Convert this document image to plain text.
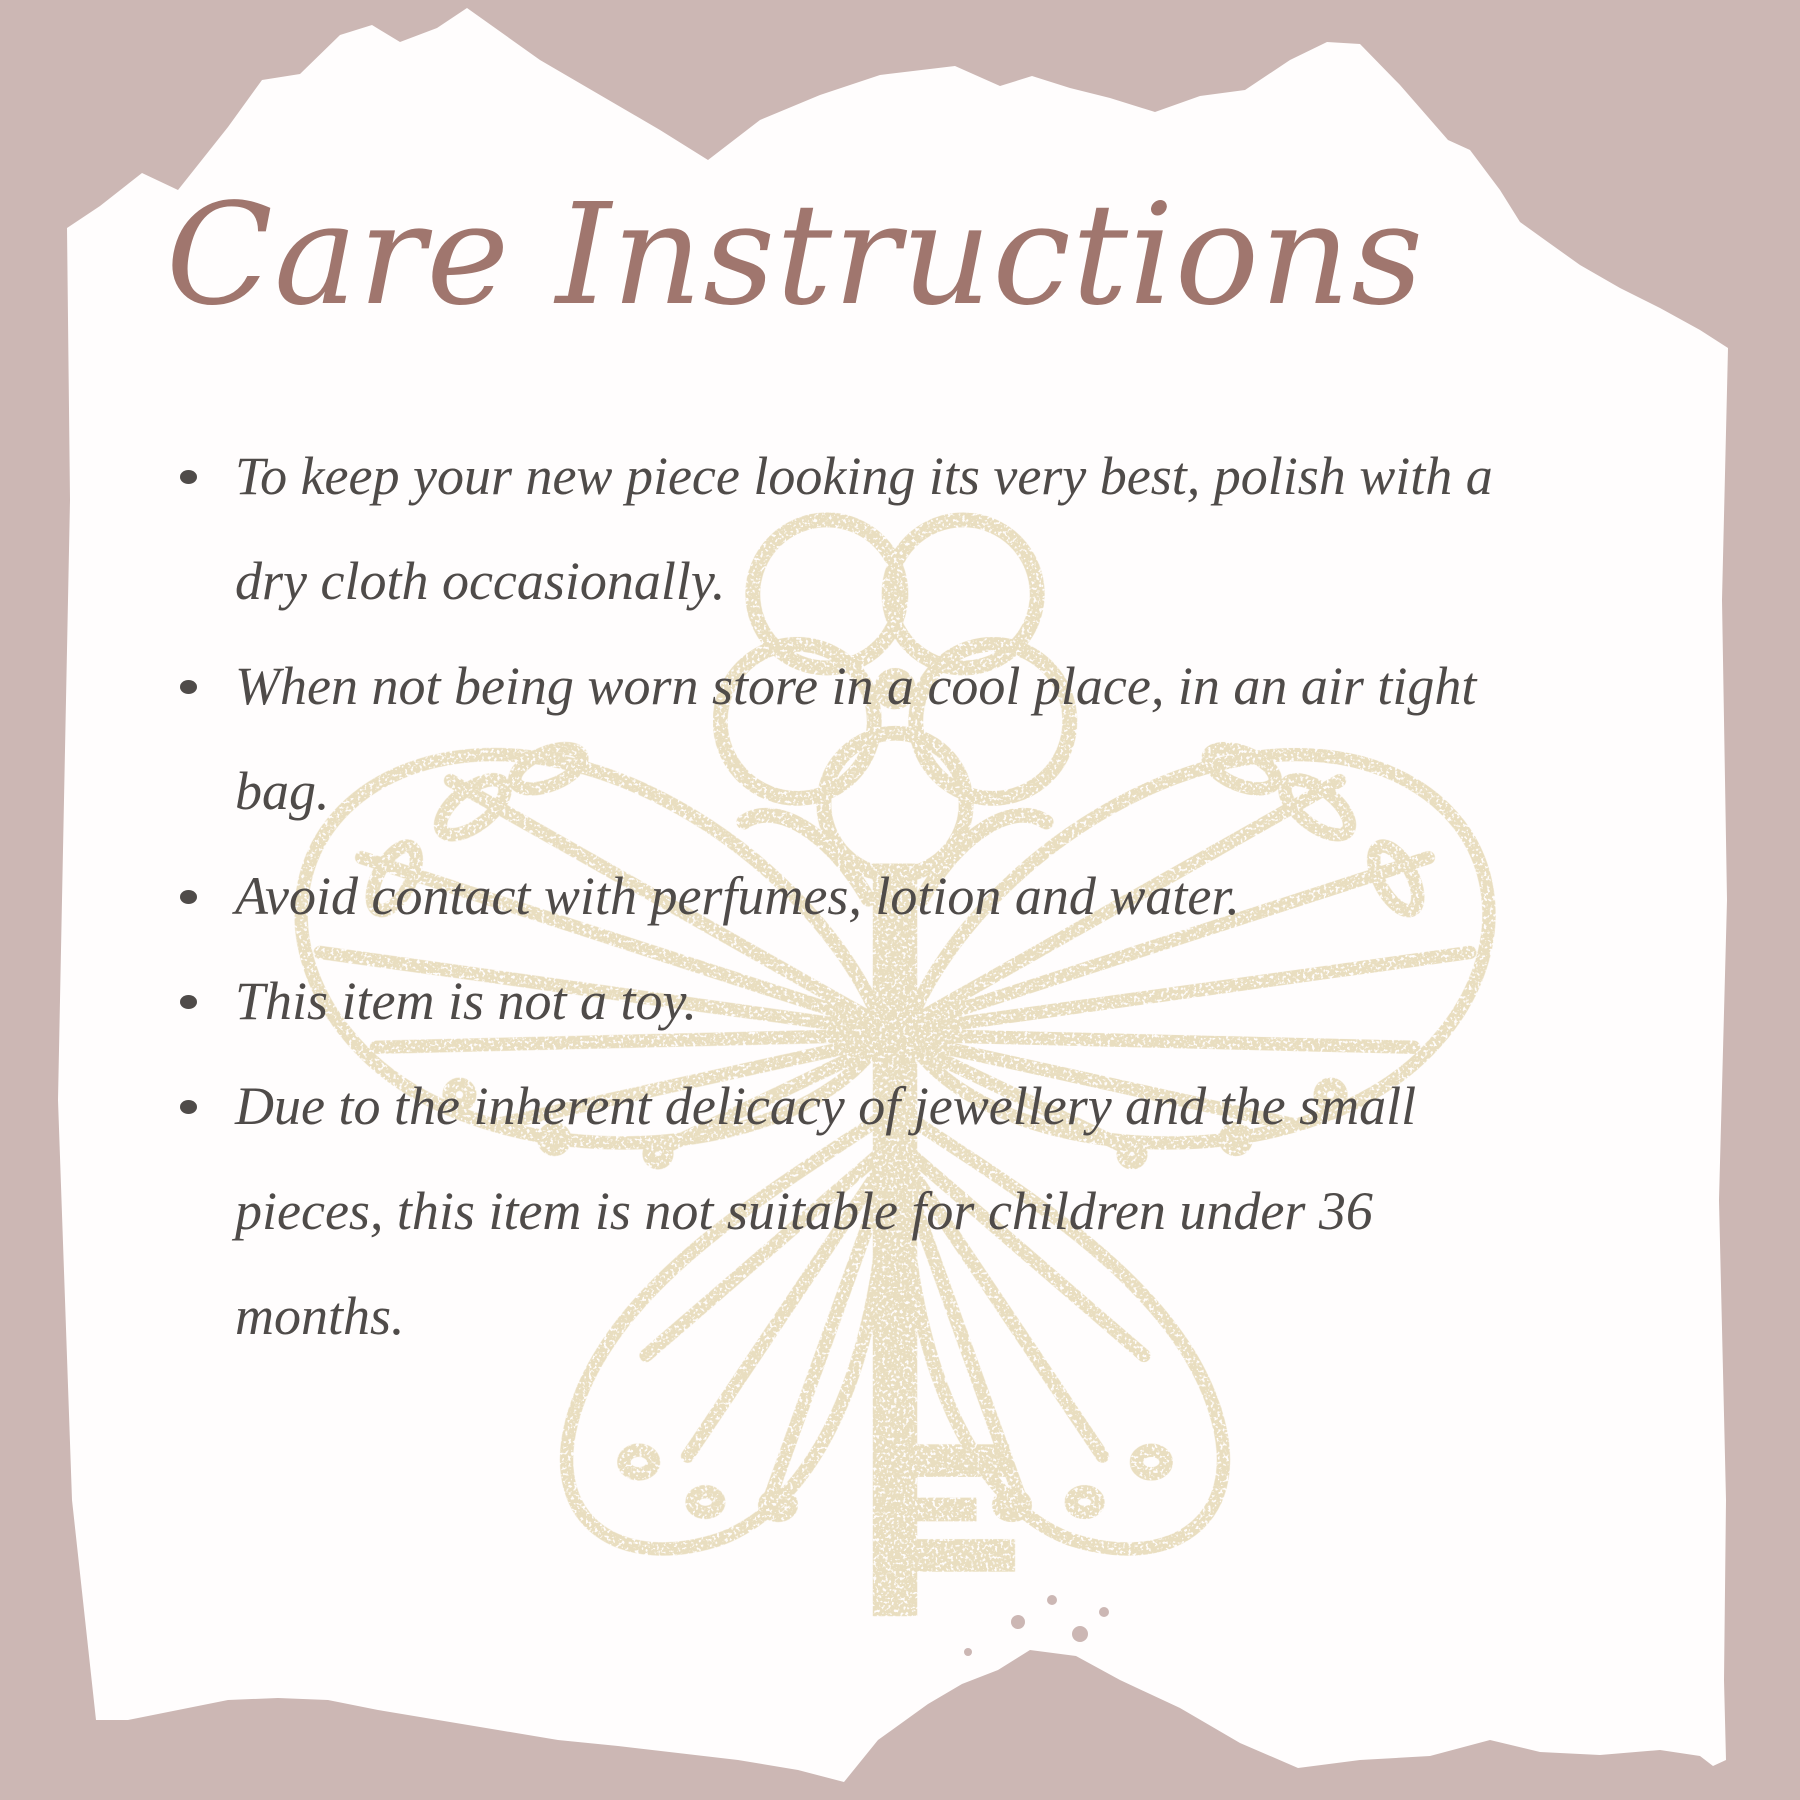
Care Instructions
To keep your new piece looking its very best, polish with a dry cloth occasionally.
When not being worn store in a cool place, in an air tight bag.
Avoid contact with perfumes, lotion and water.
This item is not a toy.
Due to the inherent delicacy of jewellery and the small pieces, this item is not suitable for children under 36 months.
